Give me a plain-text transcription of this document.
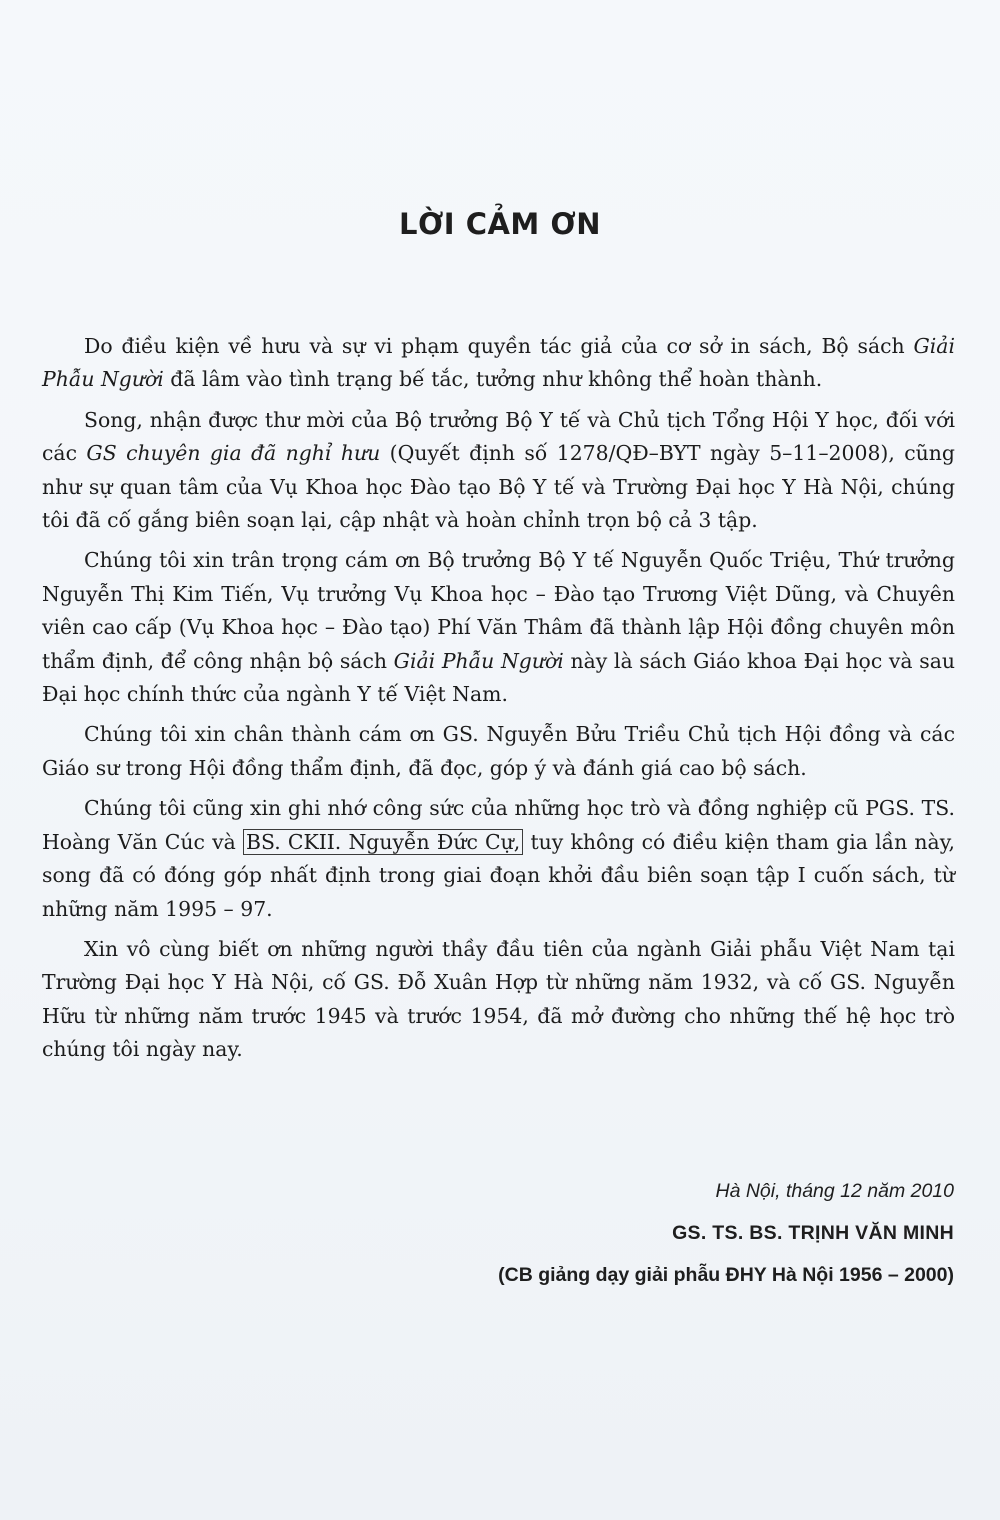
LỜI CẢM ƠN

Do điều kiện về hưu và sự vi phạm quyền tác giả của cơ sở in sách, Bộ sách Giải Phẫu Người đã lâm vào tình trạng bế tắc, tưởng như không thể hoàn thành.

Song, nhận được thư mời của Bộ trưởng Bộ Y tế và Chủ tịch Tổng Hội Y học, đối với các GS chuyên gia đã nghỉ hưu (Quyết định số 1278/QĐ–BYT ngày 5–11–2008), cũng như sự quan tâm của Vụ Khoa học Đào tạo Bộ Y tế và Trường Đại học Y Hà Nội, chúng tôi đã cố gắng biên soạn lại, cập nhật và hoàn chỉnh trọn bộ cả 3 tập.

Chúng tôi xin trân trọng cám ơn Bộ trưởng Bộ Y tế Nguyễn Quốc Triệu, Thứ trưởng Nguyễn Thị Kim Tiến, Vụ trưởng Vụ Khoa học – Đào tạo Trương Việt Dũng, và Chuyên viên cao cấp (Vụ Khoa học – Đào tạo) Phí Văn Thâm đã thành lập Hội đồng chuyên môn thẩm định, để công nhận bộ sách Giải Phẫu Người này là sách Giáo khoa Đại học và sau Đại học chính thức của ngành Y tế Việt Nam.

Chúng tôi xin chân thành cám ơn GS. Nguyễn Bửu Triều Chủ tịch Hội đồng và các Giáo sư trong Hội đồng thẩm định, đã đọc, góp ý và đánh giá cao bộ sách.

Chúng tôi cũng xin ghi nhớ công sức của những học trò và đồng nghiệp cũ PGS. TS. Hoàng Văn Cúc và BS. CKII. Nguyễn Đức Cự, tuy không có điều kiện tham gia lần này, song đã có đóng góp nhất định trong giai đoạn khởi đầu biên soạn tập I cuốn sách, từ những năm 1995 – 97.

Xin vô cùng biết ơn những người thầy đầu tiên của ngành Giải phẫu Việt Nam tại Trường Đại học Y Hà Nội, cố GS. Đỗ Xuân Hợp từ những năm 1932, và cố GS. Nguyễn Hữu từ những năm trước 1945 và trước 1954, đã mở đường cho những thế hệ học trò chúng tôi ngày nay.

Hà Nội, tháng 12 năm 2010

GS. TS. BS. TRỊNH VĂN MINH

(CB giảng dạy giải phẫu ĐHY Hà Nội 1956 – 2000)
